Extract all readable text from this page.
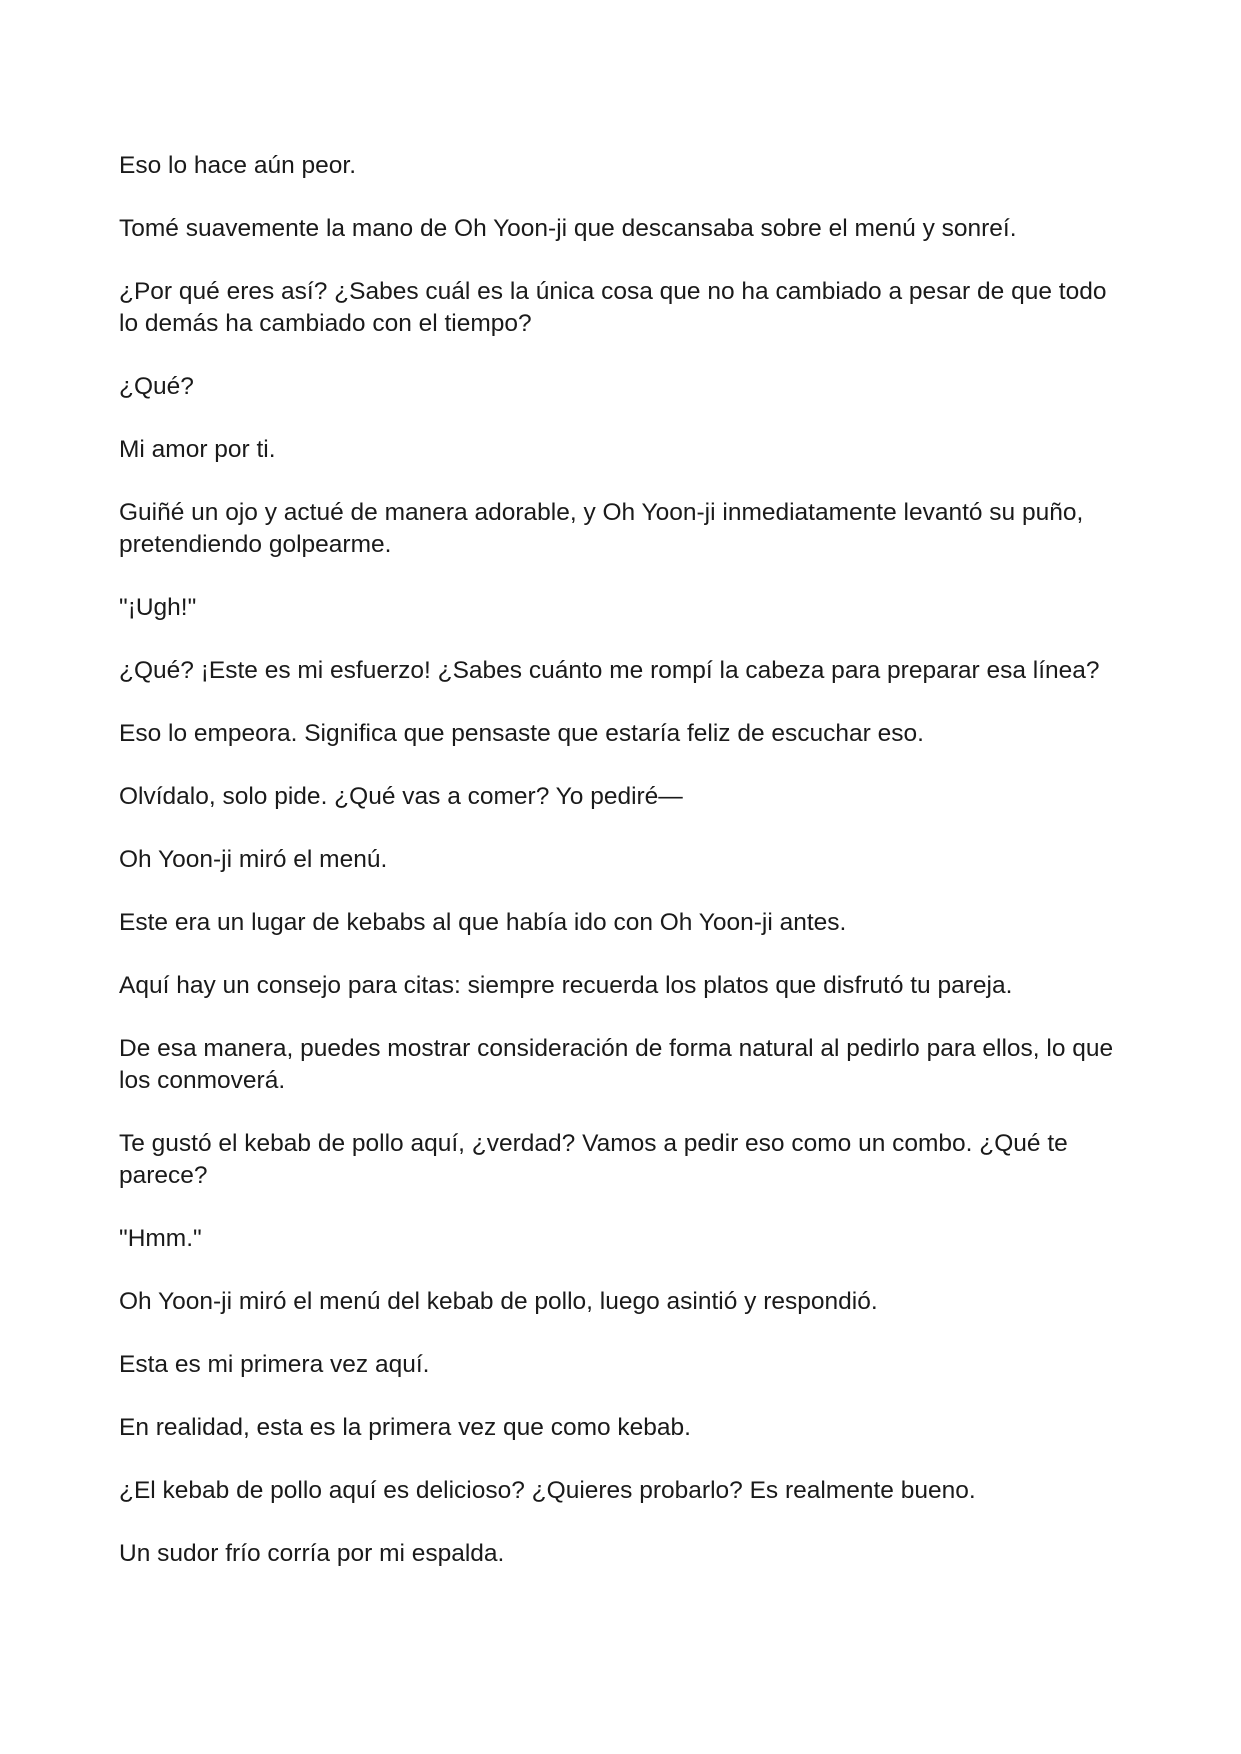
Eso lo hace aún peor.

Tomé suavemente la mano de Oh Yoon-ji que descansaba sobre el menú y sonreí.

¿Por qué eres así? ¿Sabes cuál es la única cosa que no ha cambiado a pesar de que todo lo demás ha cambiado con el tiempo?

¿Qué?

Mi amor por ti.

Guiñé un ojo y actué de manera adorable, y Oh Yoon-ji inmediatamente levantó su puño, pretendiendo golpearme.

"¡Ugh!"

¿Qué? ¡Este es mi esfuerzo! ¿Sabes cuánto me rompí la cabeza para preparar esa línea?

Eso lo empeora. Significa que pensaste que estaría feliz de escuchar eso.

Olvídalo, solo pide. ¿Qué vas a comer? Yo pediré—

Oh Yoon-ji miró el menú.

Este era un lugar de kebabs al que había ido con Oh Yoon-ji antes.

Aquí hay un consejo para citas: siempre recuerda los platos que disfrutó tu pareja.

De esa manera, puedes mostrar consideración de forma natural al pedirlo para ellos, lo que los conmoverá.

Te gustó el kebab de pollo aquí, ¿verdad? Vamos a pedir eso como un combo. ¿Qué te parece?

"Hmm."

Oh Yoon-ji miró el menú del kebab de pollo, luego asintió y respondió.

Esta es mi primera vez aquí.

En realidad, esta es la primera vez que como kebab.

¿El kebab de pollo aquí es delicioso? ¿Quieres probarlo? Es realmente bueno.

Un sudor frío corría por mi espalda.
